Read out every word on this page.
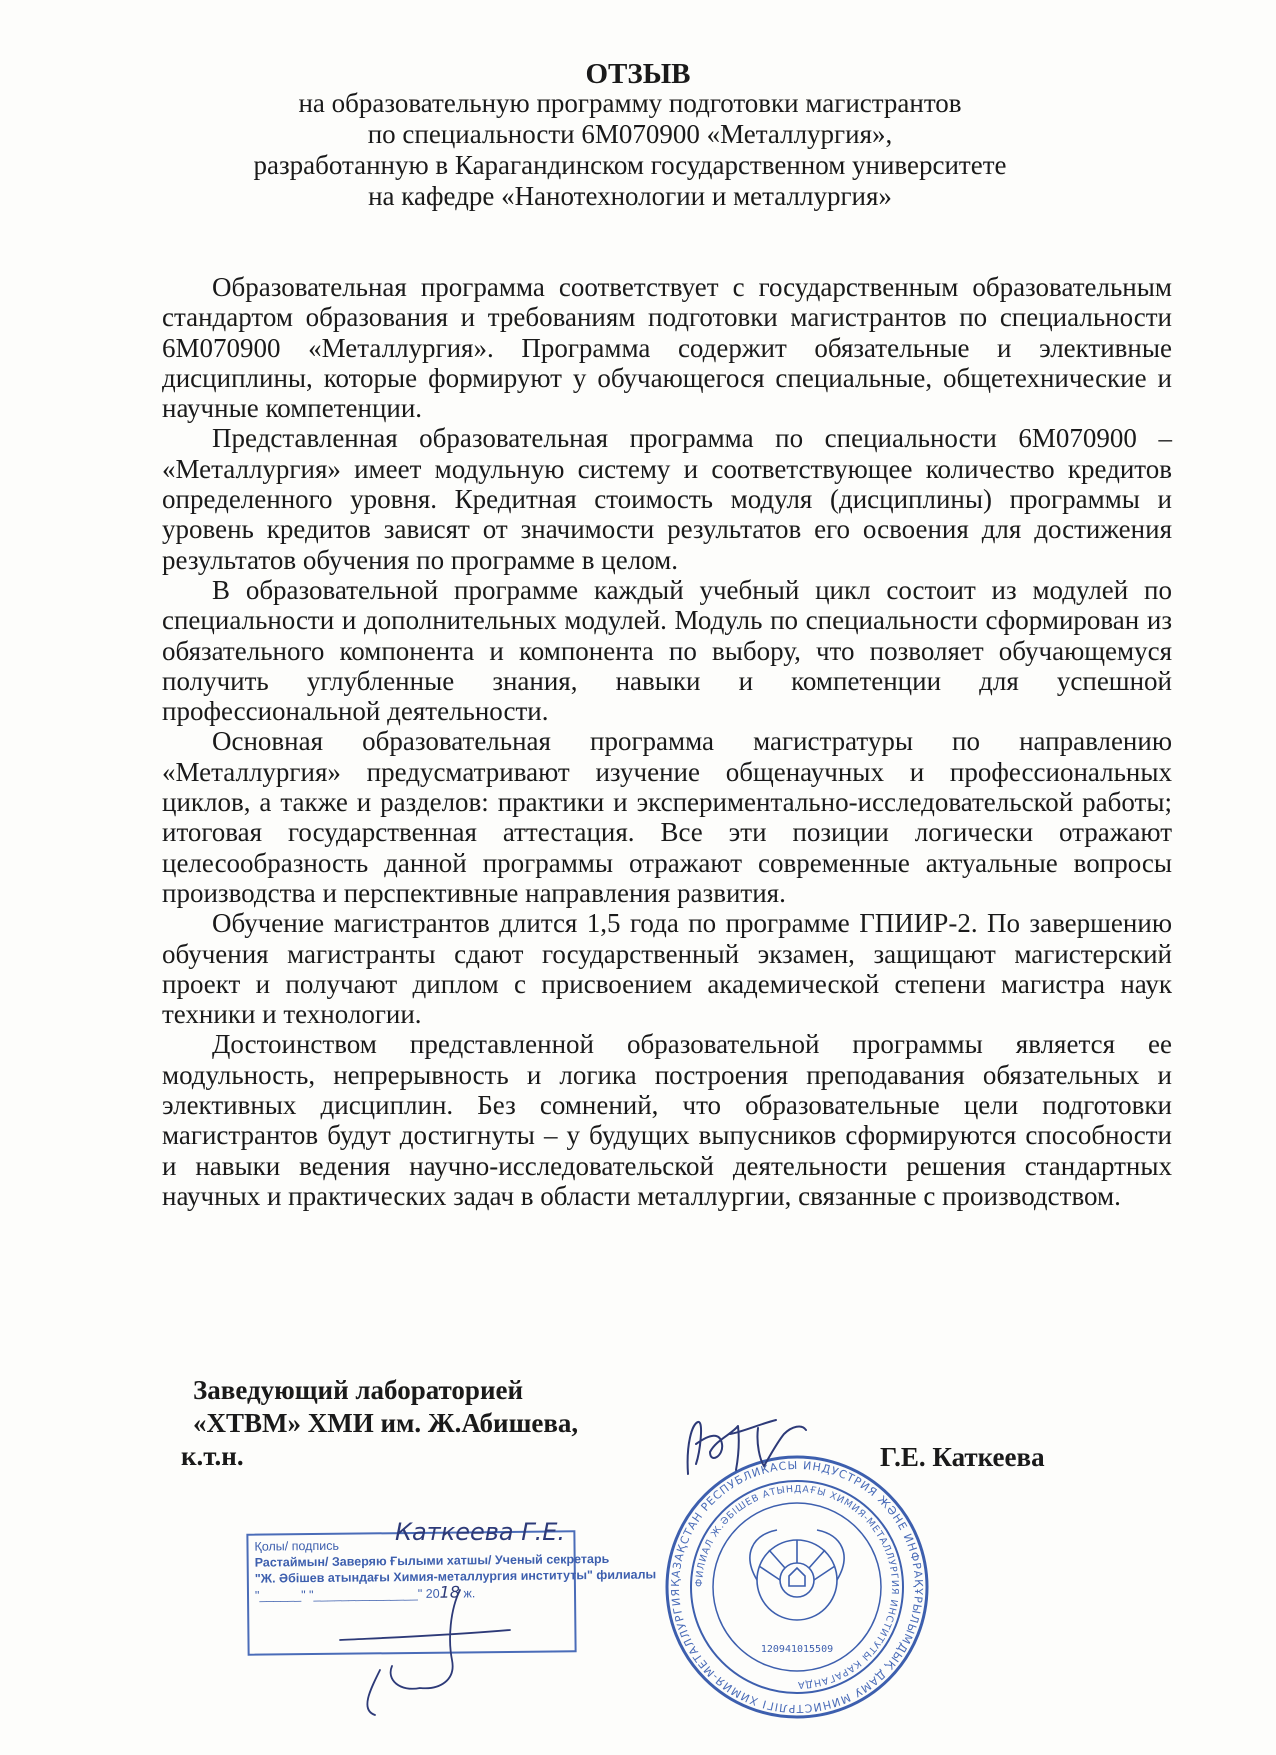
ОТЗЫВ
на образовательную программу подготовки магистрантов
по специальности 6М070900 «Металлургия»,
разработанную в Карагандинском государственном университете
на кафедре «Нанотехнологии и металлургия»

Образовательная программа соответствует с государственным образовательным стандартом образования и требованиям подготовки магистрантов по специальности 6М070900 «Металлургия». Программа содержит обязательные и элективные дисциплины, которые формируют у обучающегося специальные, общетехнические и научные компетенции.

Представленная образовательная программа по специальности 6М070900 – «Металлургия» имеет модульную систему и соответствующее количество кредитов определенного уровня. Кредитная стоимость модуля (дисциплины) программы и уровень кредитов зависят от значимости результатов его освоения для достижения результатов обучения по программе в целом.

В образовательной программе каждый учебный цикл состоит из модулей по специальности и дополнительных модулей. Модуль по специальности сформирован из обязательного компонента и компонента по выбору, что позволяет обучающемуся получить углубленные знания, навыки и компетенции для успешной профессиональной деятельности.

Основная образовательная программа магистратуры по направлению «Металлургия» предусматривают изучение общенаучных и профессиональных циклов, а также и разделов: практики и экспериментально-исследовательской работы; итоговая государственная аттестация. Все эти позиции логически отражают целесообразность данной программы отражают современные актуальные вопросы производства и перспективные направления развития.

Обучение магистрантов длится 1,5 года по программе ГПИИР-2. По завершению обучения магистранты сдают государственный экзамен, защищают магистерский проект и получают диплом с присвоением академической степени магистра наук техники и технологии.

Достоинством представленной образовательной программы является ее модульность, непрерывность и логика построения преподавания обязательных и элективных дисциплин. Без сомнений, что образовательные цели подготовки магистрантов будут достигнуты – у будущих выпусников сформируются способности и навыки ведения научно-исследовательской деятельности решения стандартных научных и практических задач в области металлургии, связанные с производством.

Заведующий лабораторией
«ХТВМ» ХМИ им. Ж.Абишева,
к.т.н.	Г.Е. Каткеева
ҚАЗАҚСТАН РЕСПУБЛИКАСЫ ИНДУСТРИЯ ЖӘНЕ ИНФРАҚҰРЫЛЫМДЫҚ ДАМУ МИНИСТРЛІГІ ХИМИЯ-МЕТАЛЛУРГИЯ
ФИЛИАЛ Ж.ӘБІШЕВ АТЫНДАҒЫ ХИМИЯ-МЕТАЛЛУРГИЯ ИНСТИТУТЫ КАРАГАНДА
120941015509
Қолы/ подпись
Растаймын/ Заверяю Ғылыми хатшы/ Ученый секретарь
"Ж. Әбішев атындағы Химия-металлургия институты" филиалы
"______" "_______________" 2018 ж.
Каткеева Г.Е.
